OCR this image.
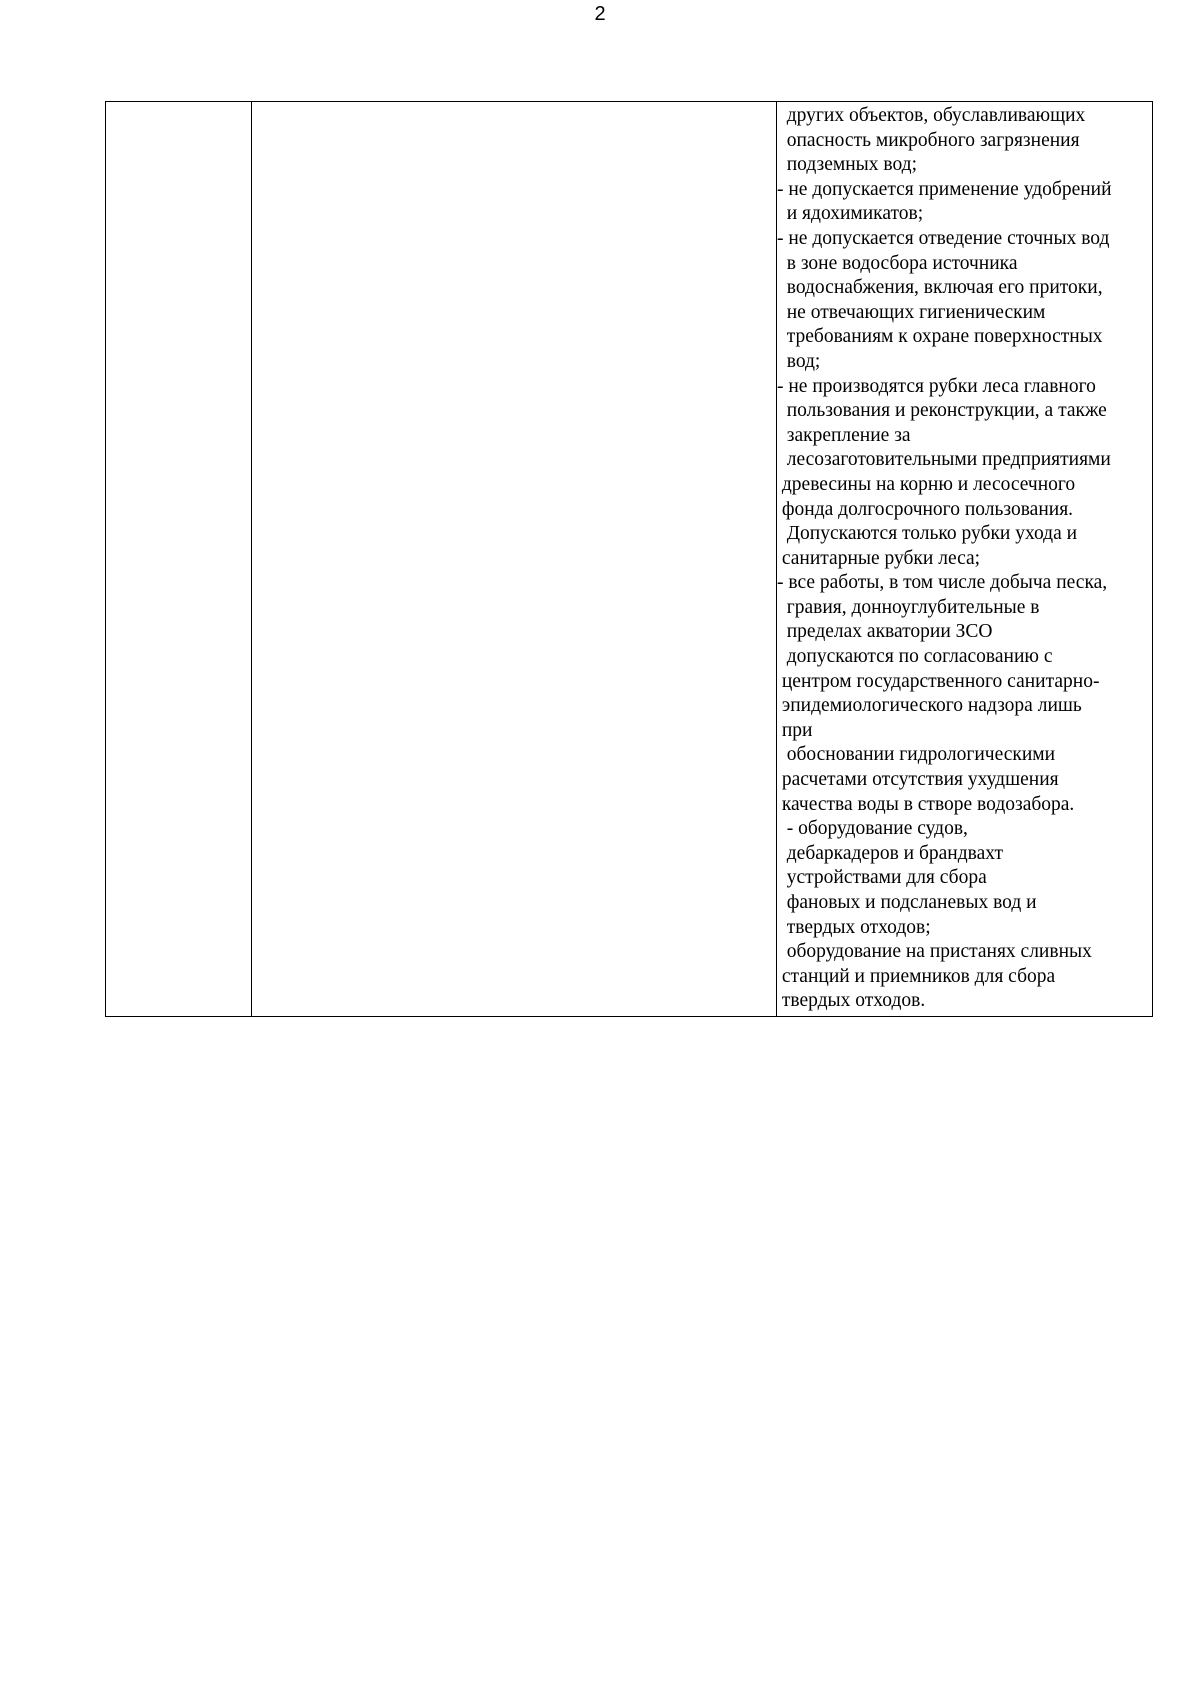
2

других объектов, обуславливающих
опасность микробного загрязнения
подземных вод;
- не допускается применение удобрений
и ядохимикатов;
- не допускается отведение сточных вод
в зоне водосбора источника
водоснабжения, включая его притоки,
не отвечающих гигиеническим
требованиям к охране поверхностных
вод;
- не производятся рубки леса главного
пользования и реконструкции, а также
закрепление за
лесозаготовительными предприятиями
древесины на корню и лесосечного
фонда долгосрочного пользования.
Допускаются только рубки ухода и
санитарные рубки леса;
- все работы, в том числе добыча песка,
гравия, донноуглубительные в
пределах акватории ЗСО
допускаются по согласованию с
центром государственного санитарно-
эпидемиологического надзора лишь
при
обосновании гидрологическими
расчетами отсутствия ухудшения
качества воды в створе водозабора.
- оборудование судов,
дебаркадеров и брандвахт
устройствами для сбора
фановых и подсланевых вод и
твердых отходов;
оборудование на пристанях сливных
станций и приемников для сбора
твердых отходов.
